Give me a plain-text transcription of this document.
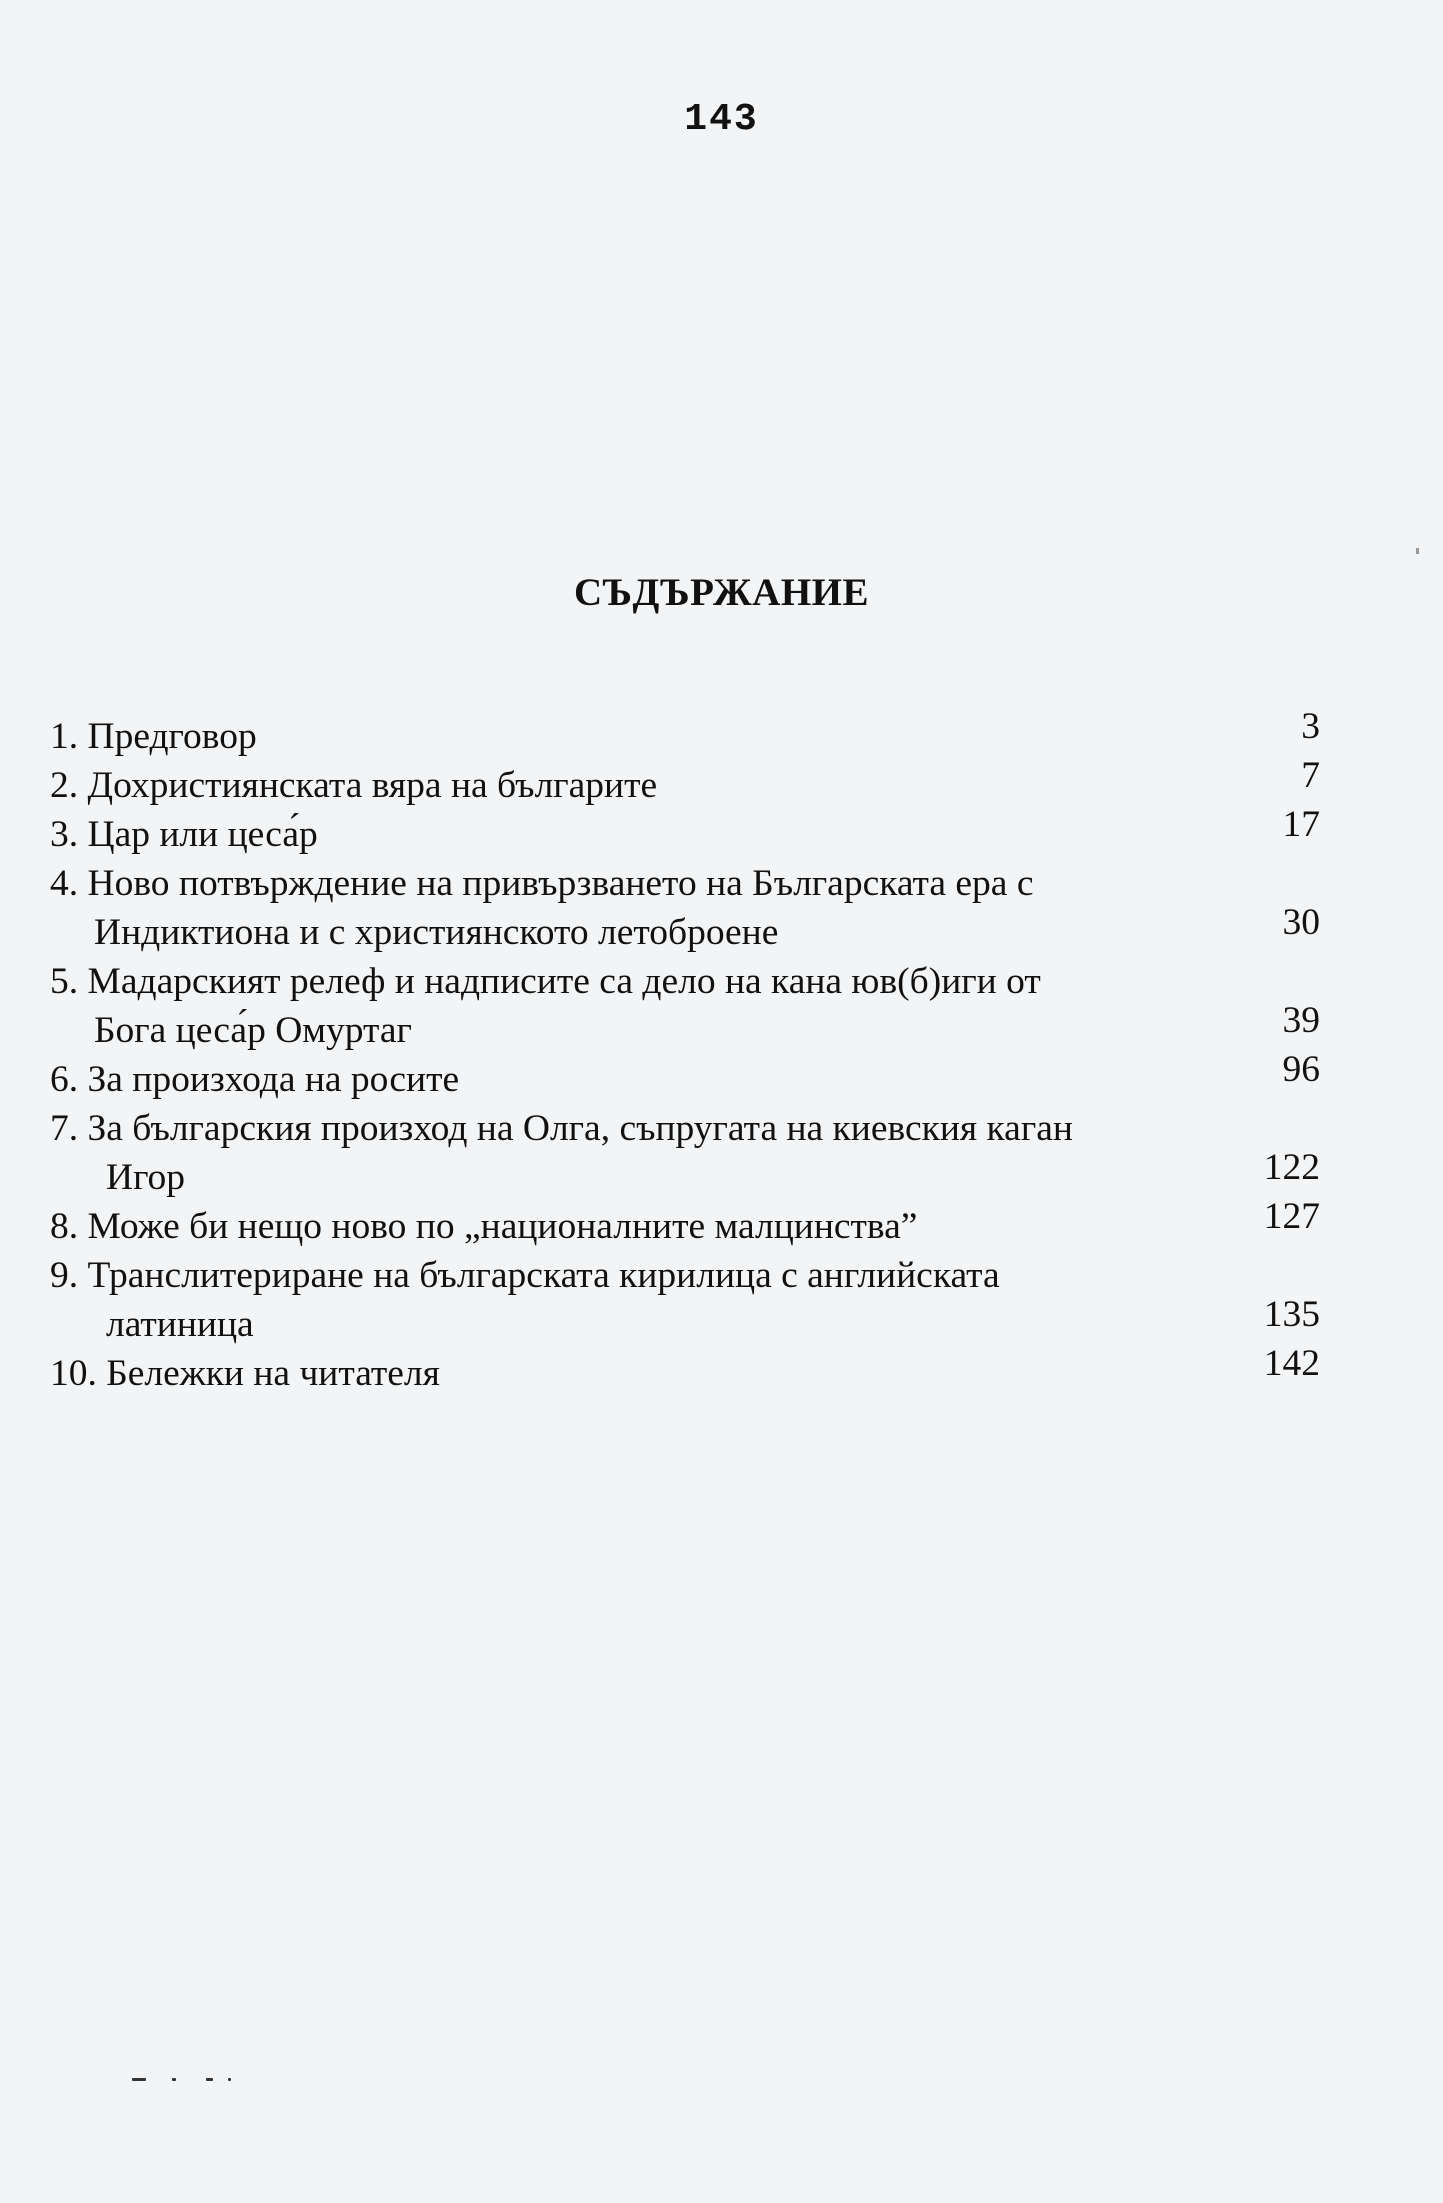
143
СЪДЪРЖАНИЕ
1. Предговор	3
2. Дохристиянската вяра на българите	7
3. Цар или цеса́р	17
4. Ново потвърждение на привързването на Българската ера с
Индиктиона и с християнското летоброене	30
5. Мадарският релеф и надписите са дело на кана юв(б)иги от
Бога цеса́р Омуртаг	39
6. За произхода на росите	96
7. За българския произход на Олга, съпругата на киевския каган
Игор	122
8. Може би нещо ново по „националните малцинства”	127
9. Транслитериране на българската кирилица с английската
латиница	135
10. Бележки на читателя	142
